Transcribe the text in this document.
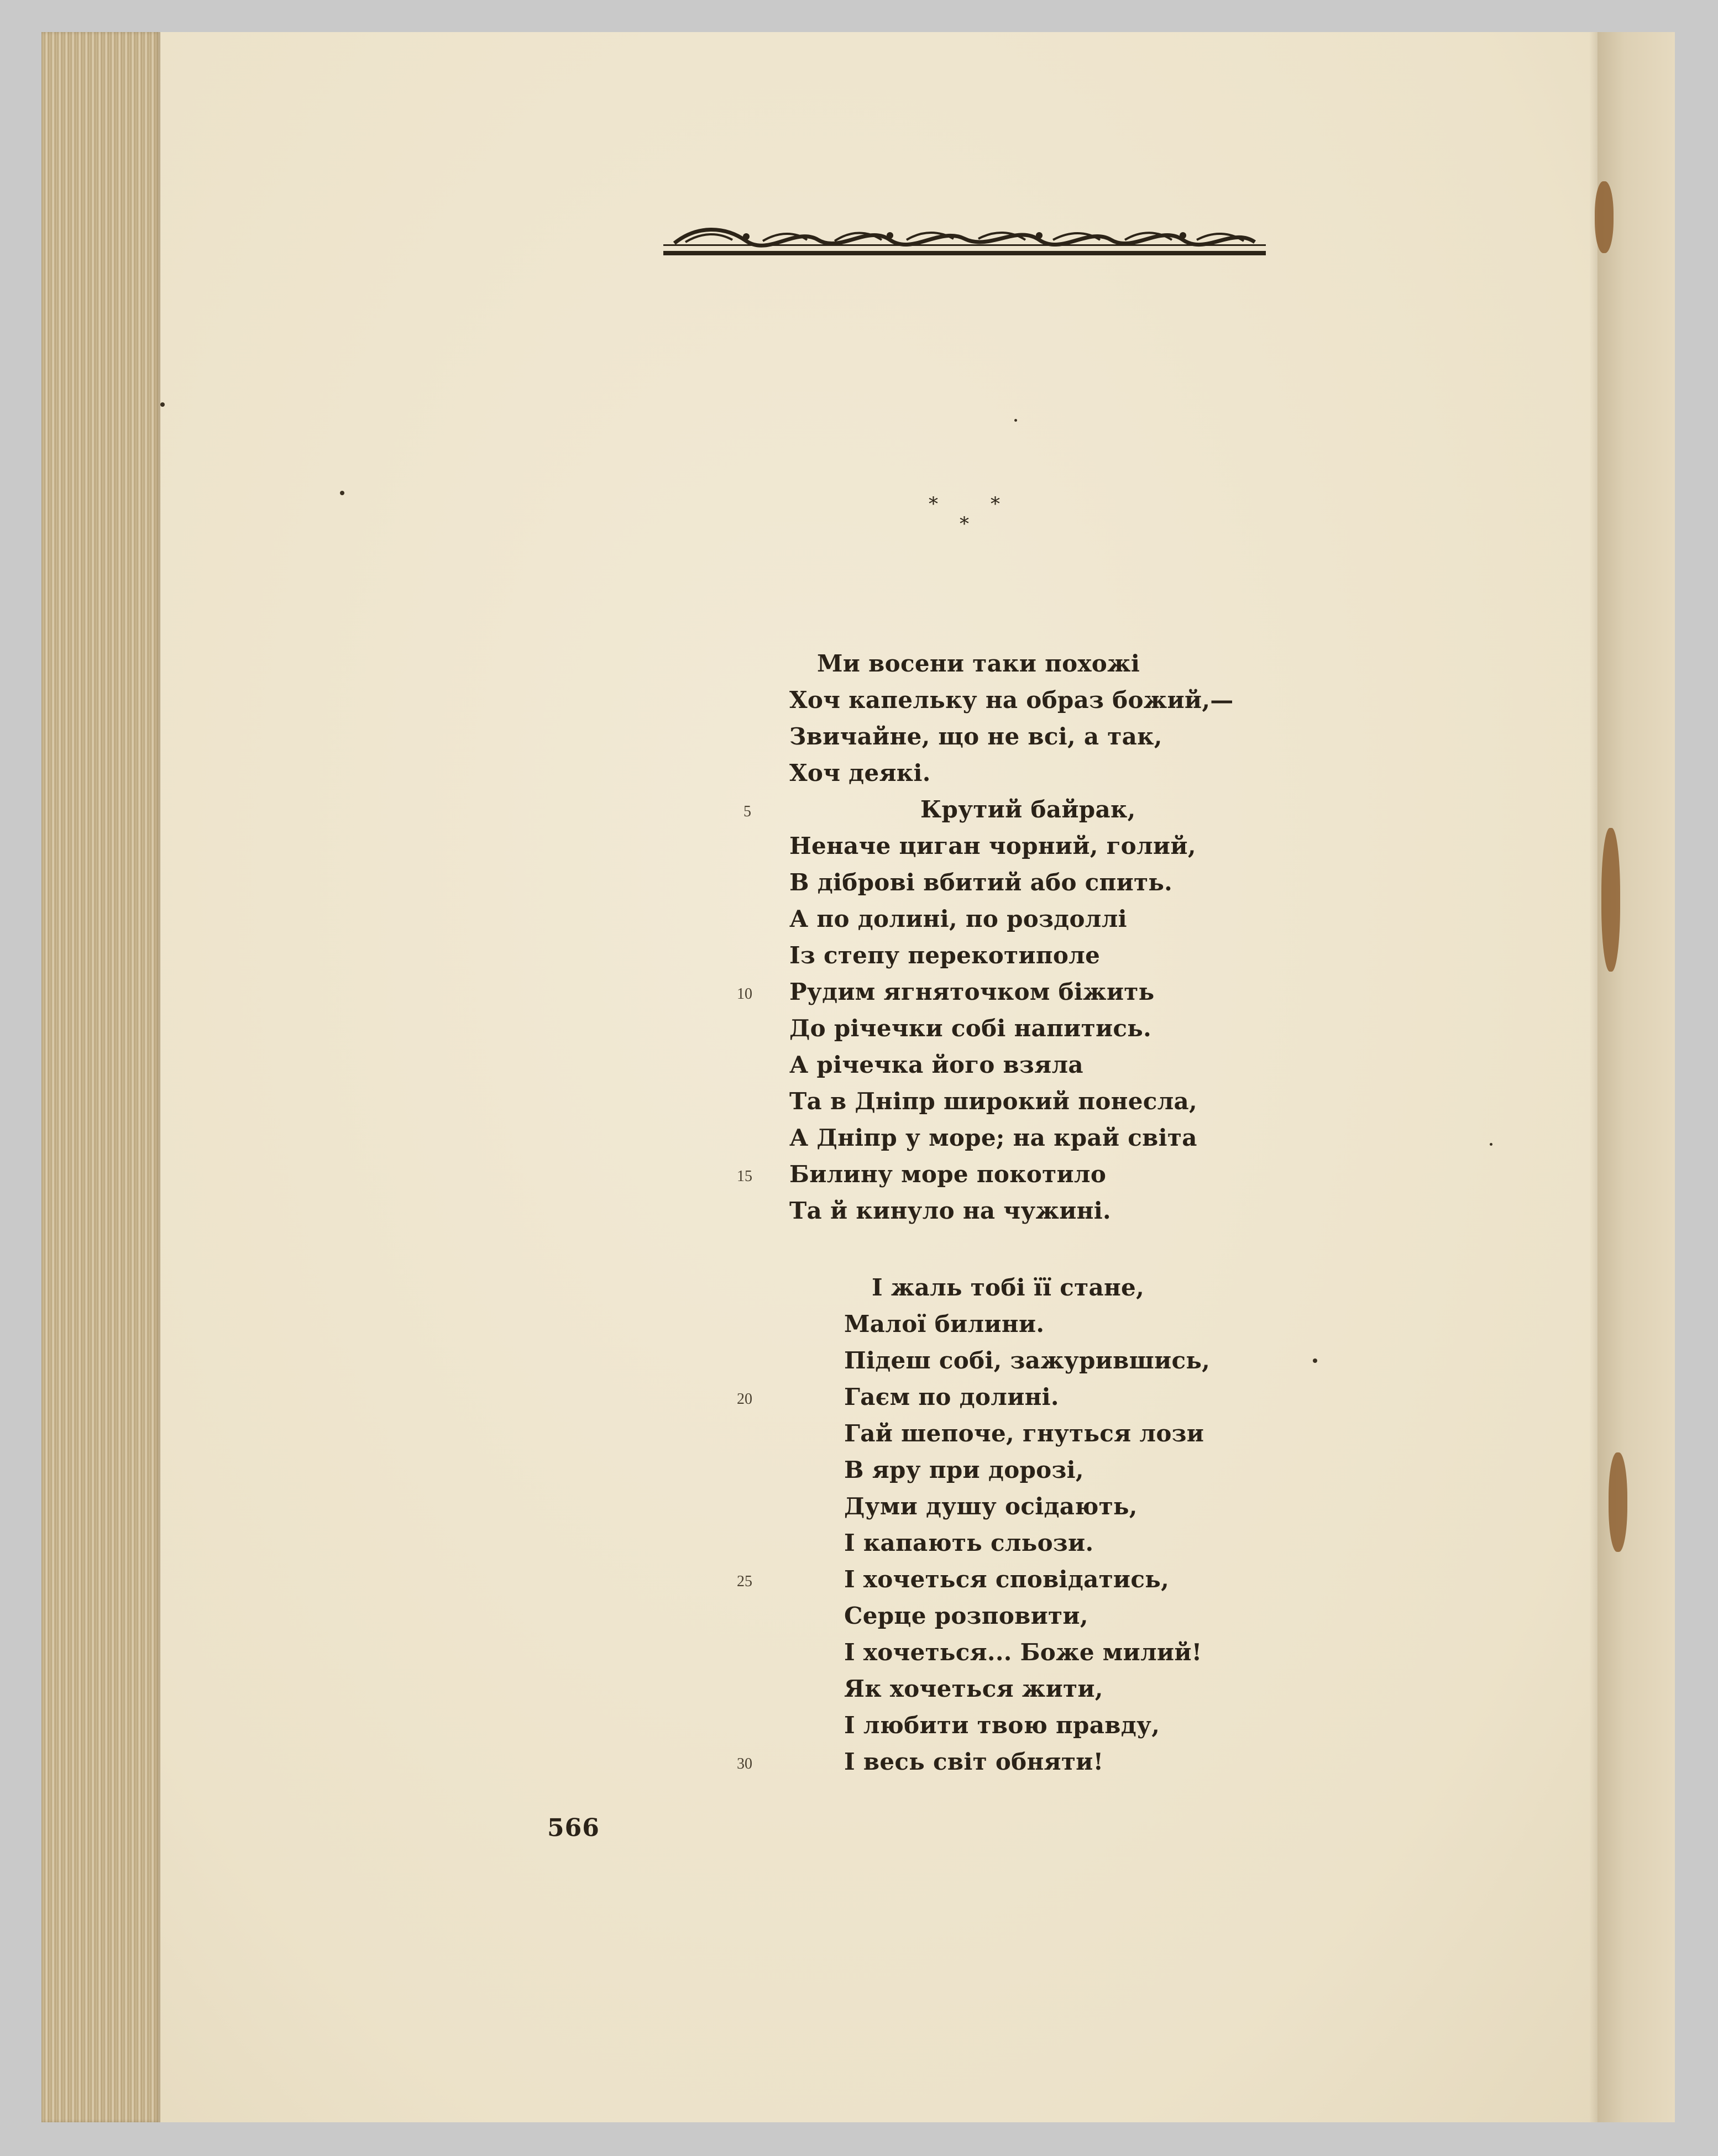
*	*
*
Ми восени таки похожі
Хоч капельку на образ божий,—
Звичайне, що не всі, а так,
Хоч деякі.
Крутий байрак,
Неначе циган чорний, голий,
В діброві вбитий або спить.
А по долині, по роздоллі
Із степу перекотиполе
Рудим ягняточком біжить
До річечки собі напитись.
А річечка його взяла
Та в Дніпр широкий понесла,
А Дніпр у море; на край світа
Билину море покотило
Та й кинуло на чужині.
І жаль тобі її стане,
Малої билини.
Підеш собі, зажурившись,
Гаєм по долині.
Гай шепоче, гнуться лози
В яру при дорозі,
Думи душу осідають,
І капають сльози.
І хочеться сповідатись,
Серце розповити,
І хочеться... Боже милий!
Як хочеться жити,
І любити твою правду,
І весь світ обняти!
5
10
15
20
25
30
566
